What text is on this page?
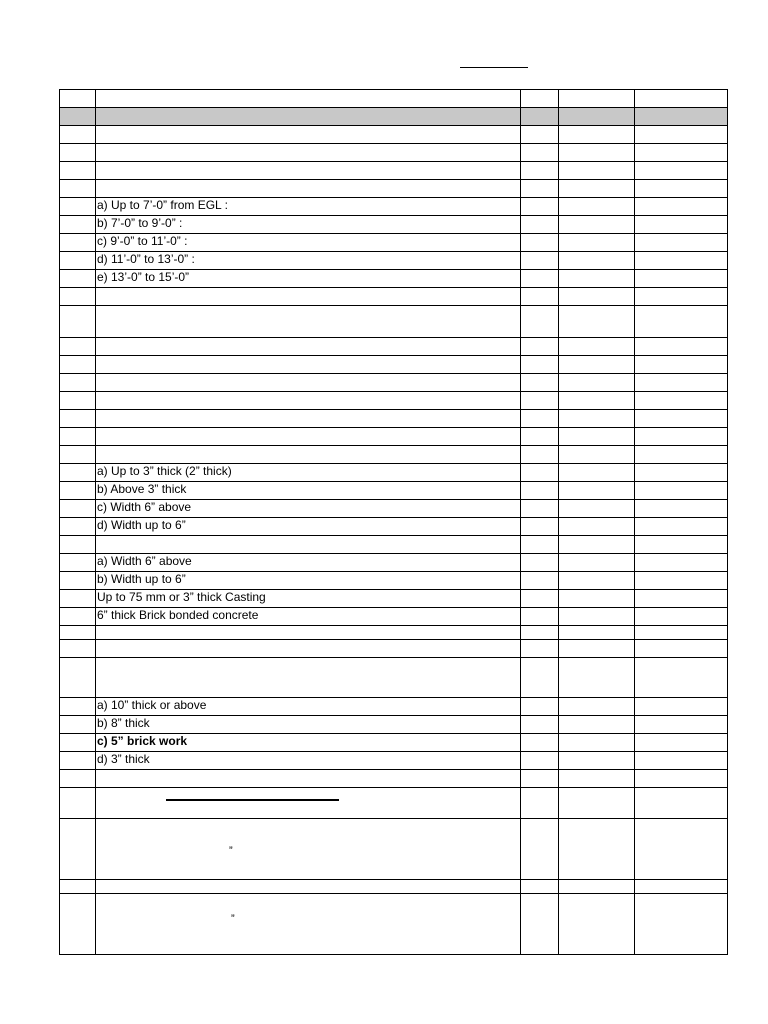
	a) Up to 7’-0” from EGL :			
	b) 7’-0” to 9’-0” :			
	c) 9’-0” to 11’-0” :			
	d) 11’-0” to 13’-0” :			
	e) 13’-0” to 15’-0”			

	a) Up to 3” thick (2” thick)			
	b) Above 3” thick			
	c) Width 6” above			
	d) Width up to 6”			

	a) Width 6” above			
	b) Width up to 6”			
	Up to 75 mm or 3” thick Casting			
	6” thick Brick bonded concrete			

	a) 10” thick or above			
	b) 8” thick			
	c) 5” brick work			
	d) 3” thick			

”
”
